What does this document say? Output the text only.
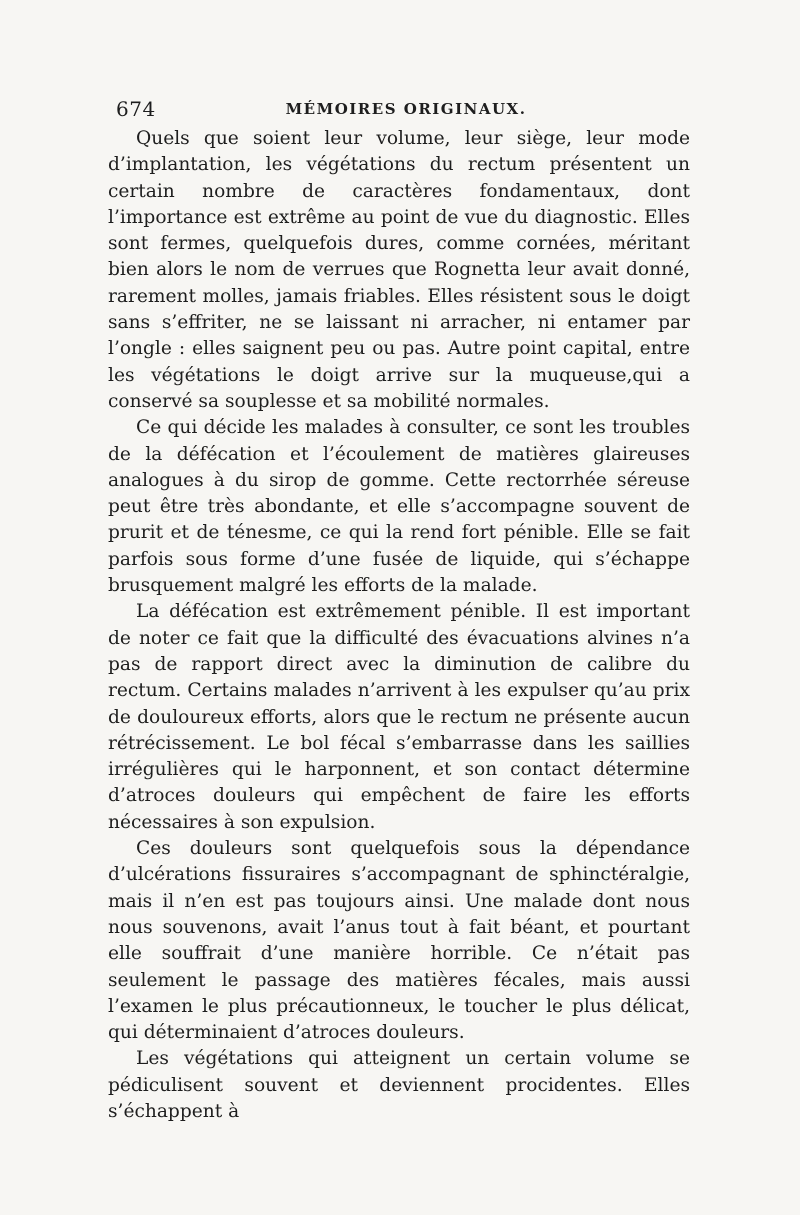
674	MÉMOIRES ORIGINAUX.

Quels que soient leur volume, leur siège, leur mode d’implantation, les végétations du rectum présentent un certain nombre de caractères fondamentaux, dont l’importance est extrême au point de vue du diagnostic. Elles sont fermes, quelquefois dures, comme cornées, méritant bien alors le nom de verrues que Rognetta leur avait donné, rarement molles, jamais friables. Elles résistent sous le doigt sans s’effriter, ne se laissant ni arracher, ni entamer par l’ongle : elles saignent peu ou pas. Autre point capital, entre les végétations le doigt arrive sur la muqueuse,qui a conservé sa souplesse et sa mobilité normales.

Ce qui décide les malades à consulter, ce sont les troubles de la défécation et l’écoulement de matières glaireuses analogues à du sirop de gomme. Cette rectorrhée séreuse peut être très abondante, et elle s’accompagne souvent de prurit et de ténesme, ce qui la rend fort pénible. Elle se fait parfois sous forme d’une fusée de liquide, qui s’échappe brusquement malgré les efforts de la malade.

La défécation est extrêmement pénible. Il est important de noter ce fait que la difficulté des évacuations alvines n’a pas de rapport direct avec la diminution de calibre du rectum. Certains malades n’arrivent à les expulser qu’au prix de douloureux efforts, alors que le rectum ne présente aucun rétrécissement. Le bol fécal s’embarrasse dans les saillies irrégulières qui le harponnent, et son contact détermine d’atroces douleurs qui empêchent de faire les efforts nécessaires à son expulsion.

Ces douleurs sont quelquefois sous la dépendance d’ulcérations fissuraires s’accompagnant de sphinctéralgie, mais il n’en est pas toujours ainsi. Une malade dont nous nous souvenons, avait l’anus tout à fait béant, et pourtant elle souffrait d’une manière horrible. Ce n’était pas seulement le passage des matières fécales, mais aussi l’examen le plus précautionneux, le toucher le plus délicat, qui déterminaient d’atroces douleurs.

Les végétations qui atteignent un certain volume se pédiculisent souvent et deviennent procidentes. Elles s’échappent à
